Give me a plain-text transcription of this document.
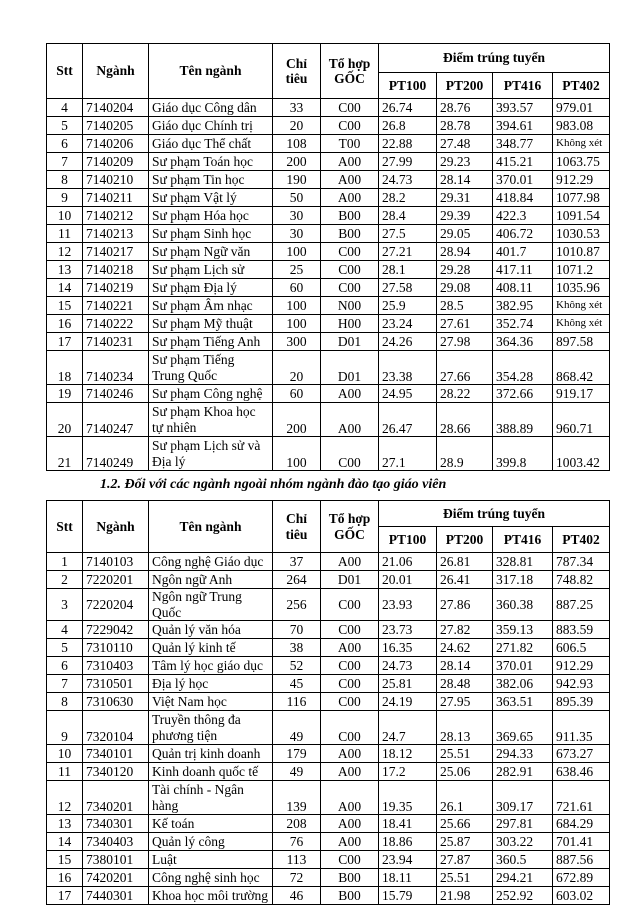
Stt	Ngành	Tên ngành	Chỉ tiêu	Tổ hợp GỐC	Điểm trúng tuyển			
					PT100	PT200	PT416	PT402
4	7140204	Giáo dục Công dân	33	C00	26.74	28.76	393.57	979.01
5	7140205	Giáo dục Chính trị	20	C00	26.8	28.78	394.61	983.08
6	7140206	Giáo dục Thể chất	108	T00	22.88	27.48	348.77	Không xét
7	7140209	Sư phạm Toán học	200	A00	27.99	29.23	415.21	1063.75
8	7140210	Sư phạm Tin học	190	A00	24.73	28.14	370.01	912.29
9	7140211	Sư phạm Vật lý	50	A00	28.2	29.31	418.84	1077.98
10	7140212	Sư phạm Hóa học	30	B00	28.4	29.39	422.3	1091.54
11	7140213	Sư phạm Sinh học	30	B00	27.5	29.05	406.72	1030.53
12	7140217	Sư phạm Ngữ văn	100	C00	27.21	28.94	401.7	1010.87
13	7140218	Sư phạm Lịch sử	25	C00	28.1	29.28	417.11	1071.2
14	7140219	Sư phạm Địa lý	60	C00	27.58	29.08	408.11	1035.96
15	7140221	Sư phạm Âm nhạc	100	N00	25.9	28.5	382.95	Không xét
16	7140222	Sư phạm Mỹ thuật	100	H00	23.24	27.61	352.74	Không xét
17	7140231	Sư phạm Tiếng Anh	300	D01	24.26	27.98	364.36	897.58
18	7140234	Sư phạm Tiếng Trung Quốc	20	D01	23.38	27.66	354.28	868.42
19	7140246	Sư phạm Công nghệ	60	A00	24.95	28.22	372.66	919.17
20	7140247	Sư phạm Khoa học tự nhiên	200	A00	26.47	28.66	388.89	960.71
21	7140249	Sư phạm Lịch sử và Địa lý	100	C00	27.1	28.9	399.8	1003.42
1.2. Đối với các ngành ngoài nhóm ngành đào tạo giáo viên
Stt	Ngành	Tên ngành	Chỉ tiêu	Tổ hợp GỐC	Điểm trúng tuyển			
					PT100	PT200	PT416	PT402
1	7140103	Công nghệ Giáo dục	37	A00	21.06	26.81	328.81	787.34
2	7220201	Ngôn ngữ Anh	264	D01	20.01	26.41	317.18	748.82
3	7220204	Ngôn ngữ Trung Quốc	256	C00	23.93	27.86	360.38	887.25
4	7229042	Quản lý văn hóa	70	C00	23.73	27.82	359.13	883.59
5	7310110	Quản lý kinh tế	38	A00	16.35	24.62	271.82	606.5
6	7310403	Tâm lý học giáo dục	52	C00	24.73	28.14	370.01	912.29
7	7310501	Địa lý học	45	C00	25.81	28.48	382.06	942.93
8	7310630	Việt Nam học	116	C00	24.19	27.95	363.51	895.39
9	7320104	Truyền thông đa phương tiện	49	C00	24.7	28.13	369.65	911.35
10	7340101	Quản trị kinh doanh	179	A00	18.12	25.51	294.33	673.27
11	7340120	Kinh doanh quốc tế	49	A00	17.2	25.06	282.91	638.46
12	7340201	Tài chính - Ngân hàng	139	A00	19.35	26.1	309.17	721.61
13	7340301	Kế toán	208	A00	18.41	25.66	297.81	684.29
14	7340403	Quản lý công	76	A00	18.86	25.87	303.22	701.41
15	7380101	Luật	113	C00	23.94	27.87	360.5	887.56
16	7420201	Công nghệ sinh học	72	B00	18.11	25.51	294.21	672.89
17	7440301	Khoa học môi trường	46	B00	15.79	21.98	252.92	603.02
